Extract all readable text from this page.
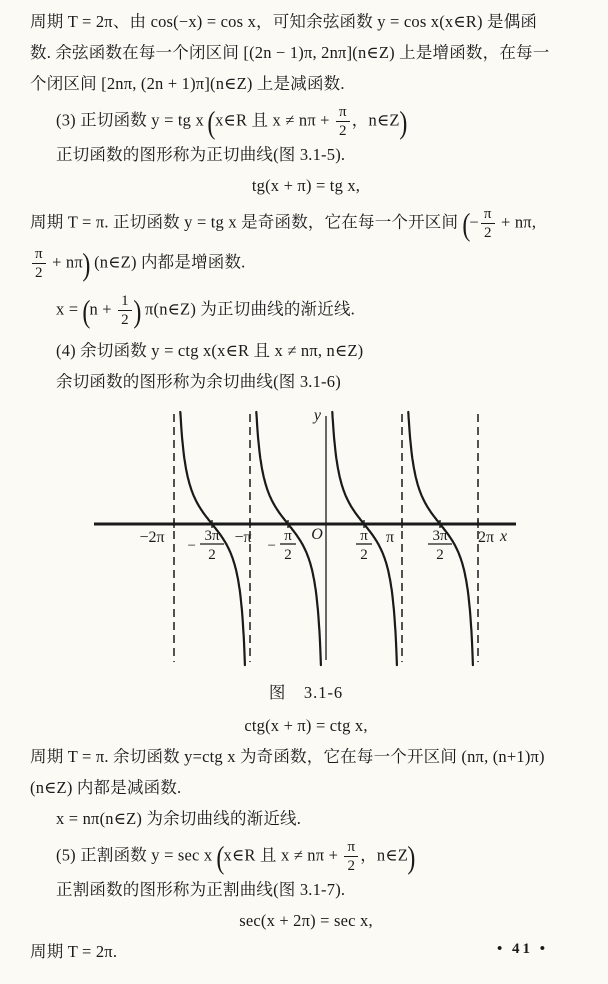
周期 T = 2π、由 cos(−x) = cos x，可知余弦函数 y = cos x(x∈R) 是偶函
数. 余弦函数在每一个闭区间 [(2n − 1)π, 2nπ](n∈Z) 上是增函数，在每一
个闭区间 [2nπ, (2n + 1)π](n∈Z) 上是减函数.
(3) 正切函数 y = tg x (x∈R 且 $x \ne n\pi + \frac{\pi}{2}$ ，n∈Z)
正切函数的图形称为正切曲线(图 3.1-5).
tg(x + π) = tg x,
周期 T = π. 正切函数 y = tg x 是奇函数，它在每一个开区间 (− $\frac{\pi}{2} + n\pi$,
$\frac{\pi}{2} + n\pi$) (n∈Z) 内都是增函数.
$x = (n + \frac{1}{2}$ ) π(n∈Z) 为正切曲线的渐近线.
(4) 余切函数 y = ctg x(x∈R 且 x ≠ nπ, n∈Z)
余切函数的图形称为余切曲线(图 3.1-6)
y
x
O
−2π −
3π
2
−π −
π
2
π
2
π	3π
2
2π
图　3.1-6
ctg(x + π) = ctg x,
周期 T = π. 余切函数 y=ctg x 为奇函数，它在每一个开区间 (nπ, (n+1)π)
(n∈Z) 内都是减函数.
x = nπ(n∈Z) 为余切曲线的渐近线.
(5) 正割函数 y = sec x (x∈R 且 $x \ne n\pi + \frac{\pi}{2}$ ，n∈Z)
正割函数的图形称为正割曲线(图 3.1-7).
sec(x + 2π) = sec x,
周期 T = 2π.	• 41 •
